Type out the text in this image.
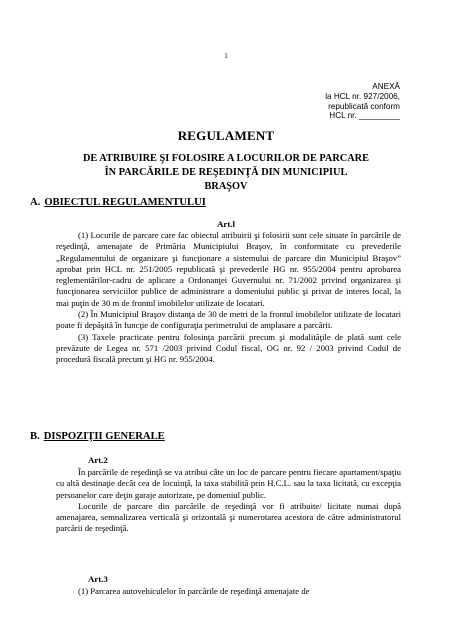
1
ANEXĂ
la HCL nr. 927/2006,
republicată conform
HCL nr. _________
REGULAMENT
DE ATRIBUIRE ŞI FOLOSIRE A LOCURILOR DE PARCARE
ÎN PARCĂRILE DE REŞEDINŢĂ DIN MUNICIPIUL
BRAŞOV
A. OBIECTUL REGULAMENTULUI
Art.l

(1) Locurile de parcare care fac obiectul atribuirii şi folosirii sunt cele situate în parcările de reşedinţă, amenajate de Primăria Municipiului Braşov, în conformitate cu prevederile „Regulamentului de organizare şi funcţionare a sistemului de parcare din Municipiul Braşov” aprobat prin HCL nr. 251/2005 republicată şi prevederile HG nr. 955/2004 pentru aprobarea reglementărilor-cadru de aplicare a Ordonanţei Guvernului nr. 71/2002 privind organizarea şi funcţionarea serviciilor publice de administrare a domeniului public şi privat de interes local, la mai puţin de 30 m de frontul imobilelor utilizate de locatari.

(2) În Municipiul Braşov distanţa de 30 de metri de la frontul imobilelor utilizate de locatari poate fi depăşită în funcţie de configuraţia perimetrului de amplasare a parcării.

(3) Taxele practicate pentru folosinţa parcării precum şi modalităţile de plată sunt cele prevăzute de Legea nr. 571 /2003 privind Codul fiscal, OG nr. 92 / 2003 privind Codul de procedură fiscală precum şi HG nr. 955/2004.

B. DISPOZIŢII GENERALE
Art.2

În parcările de reşedinţă se va atribui câte un loc de parcare pentru fiecare apartament/spaţiu cu altă destinaţie decât cea de locuinţă, la taxa stabilită prin H.C.L. sau la taxa licitată, cu excepţia persoanelor care deţin garaje autorizate, pe domeniul public.

Locurile de parcare din parcările de reşedinţă vor fi atribuite/ licitate numai după amenajarea, semnalizarea verticală şi orizontală şi numerotarea acestora de către administratorul parcării de reşedinţă.

Art.3

(1) Parcarea autovehiculelor în parcările de reşedinţă amenajate de
